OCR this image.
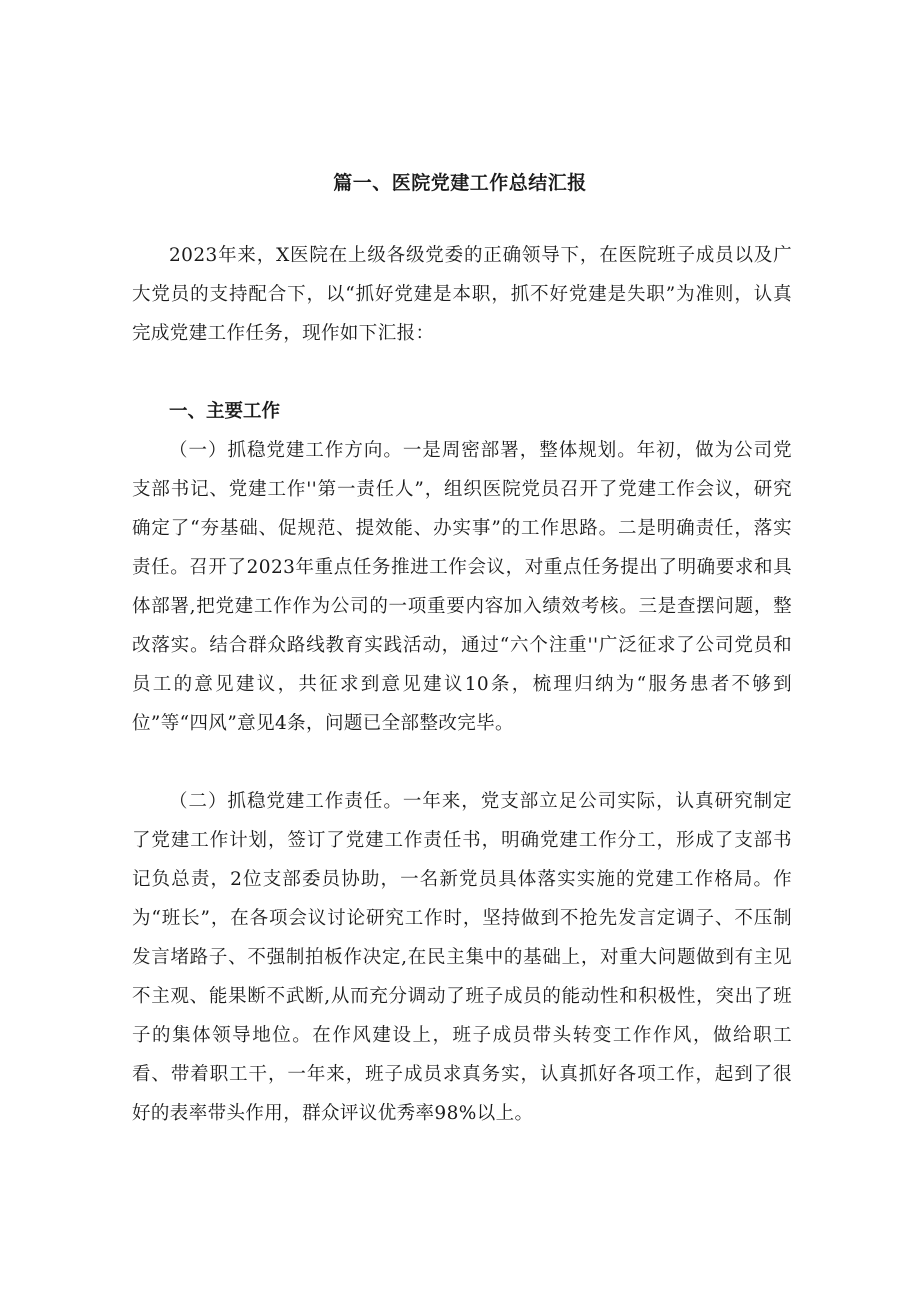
篇一、医院党建工作总结汇报

2023年来，X医院在上级各级党委的正确领导下，在医院班子成员以及广大党员的支持配合下，以“抓好党建是本职，抓不好党建是失职”为准则，认真完成党建工作任务，现作如下汇报：

一、主要工作

（一）抓稳党建工作方向。一是周密部署，整体规划。年初，做为公司党支部书记、党建工作''第一责任人”，组织医院党员召开了党建工作会议，研究确定了“夯基础、促规范、提效能、办实事”的工作思路。二是明确责任，落实责任。召开了2023年重点任务推进工作会议，对重点任务提出了明确要求和具体部署,把党建工作作为公司的一项重要内容加入绩效考核。三是查摆问题，整改落实。结合群众路线教育实践活动，通过“六个注重''广泛征求了公司党员和员工的意见建议，共征求到意见建议10条，梳理归纳为“服务患者不够到位”等“四风”意见4条，问题已全部整改完毕。

（二）抓稳党建工作责任。一年来，党支部立足公司实际，认真研究制定了党建工作计划，签订了党建工作责任书，明确党建工作分工，形成了支部书记负总责，2位支部委员协助，一名新党员具体落实实施的党建工作格局。作为“班长”，在各项会议讨论研究工作时，坚持做到不抢先发言定调子、不压制发言堵路子、不强制拍板作决定,在民主集中的基础上，对重大问题做到有主见不主观、能果断不武断,从而充分调动了班子成员的能动性和积极性，突出了班子的集体领导地位。在作风建设上，班子成员带头转变工作作风，做给职工看、带着职工干，一年来，班子成员求真务实，认真抓好各项工作，起到了很好的表率带头作用，群众评议优秀率98%以上。
